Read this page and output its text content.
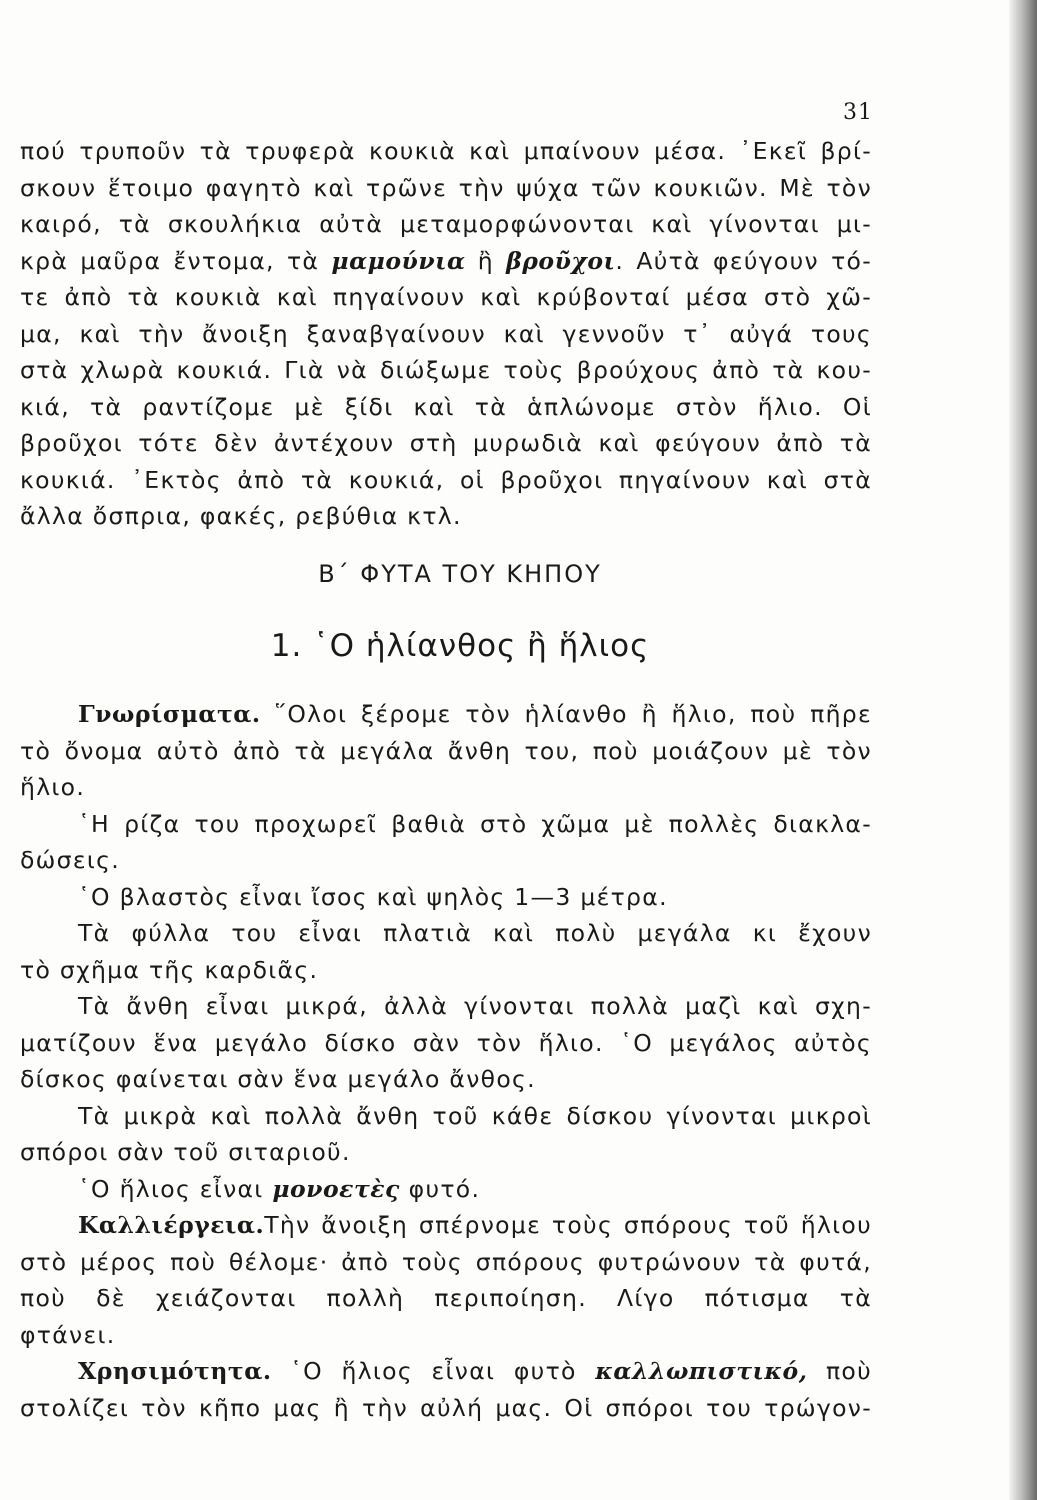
31
πού τρυποῦν τὰ τρυφερὰ κουκιὰ καὶ μπαίνουν μέσα. ᾽Εκεῖ βρί-
σκουν ἕτοιμο φαγητὸ καὶ τρῶνε τὴν ψύχα τῶν κουκιῶν. Μὲ τὸν
καιρό, τὰ σκουλήκια αὐτὰ μεταμορφώνονται καὶ γίνονται μι-
κρὰ μαῦρα ἔντομα, τὰ μαμούνια ἢ βροῦχοι. Αὐτὰ φεύγουν τό-
τε ἀπὸ τὰ κουκιὰ καὶ πηγαίνουν καὶ κρύβονταί μέσα στὸ χῶ-
μα, καὶ τὴν ἄνοιξη ξαναβγαίνουν καὶ γεννοῦν τ᾽ αὐγά τους
στὰ χλωρὰ κουκιά. Γιὰ νὰ διώξωμε τοὺς βρούχους ἀπὸ τὰ κου-
κιά, τὰ ραντίζομε μὲ ξίδι καὶ τὰ ἁπλώνομε στὸν ἥλιο. Οἱ
βροῦχοι τότε δὲν ἀντέχουν στὴ μυρωδιὰ καὶ φεύγουν ἀπὸ τὰ
κουκιά. ᾽Εκτὸς ἀπὸ τὰ κουκιά, οἱ βροῦχοι πηγαίνουν καὶ στὰ
ἄλλα ὄσπρια, φακές, ρεβύθια κτλ.
Β΄ ΦΥΤΑ ΤΟΥ ΚΗΠΟΥ
1. ῾Ο ἡλίανθος ἢ ἥλιος
Γνωρίσματα. ῞Ολοι ξέρομε τὸν ἡλίανθο ἢ ἥλιο, ποὺ πῆρε
τὸ ὄνομα αὐτὸ ἀπὸ τὰ μεγάλα ἄνθη του, ποὺ μοιάζουν μὲ τὸν
ἥλιο.
῾Η ρίζα του προχωρεῖ βαθιὰ στὸ χῶμα μὲ πολλὲς διακλα-
δώσεις.
῾Ο βλαστὸς εἶναι ἴσος καὶ ψηλὸς 1—3 μέτρα.
Τὰ φύλλα του εἶναι πλατιὰ καὶ πολὺ μεγάλα κι ἔχουν
τὸ σχῆμα τῆς καρδιᾶς.
Τὰ ἄνθη εἶναι μικρά, ἀλλὰ γίνονται πολλὰ μαζὶ καὶ σχη-
ματίζουν ἕνα μεγάλο δίσκο σὰν τὸν ἥλιο. ῾Ο μεγάλος αὐτὸς
δίσκος φαίνεται σὰν ἕνα μεγάλο ἄνθος.
Τὰ μικρὰ καὶ πολλὰ ἄνθη τοῦ κάθε δίσκου γίνονται μικροὶ
σπόροι σὰν τοῦ σιταριοῦ.
῾Ο ἥλιος εἶναι μονοετὲς φυτό.
Καλλιέργεια.Τὴν ἄνοιξη σπέρνομε τοὺς σπόρους τοῦ ἥλιου
στὸ μέρος ποὺ θέλομε· ἀπὸ τοὺς σπόρους φυτρώνουν τὰ φυτά,
ποὺ δὲ χειάζονται πολλὴ περιποίηση. Λίγο πότισμα τὰ
φτάνει.
Χρησιμότητα. ῾Ο ἥλιος εἶναι φυτὸ καλλωπιστικό, ποὺ
στολίζει τὸν κῆπο μας ἢ τὴν αὐλή μας. Οἱ σπόροι του τρώγον-
